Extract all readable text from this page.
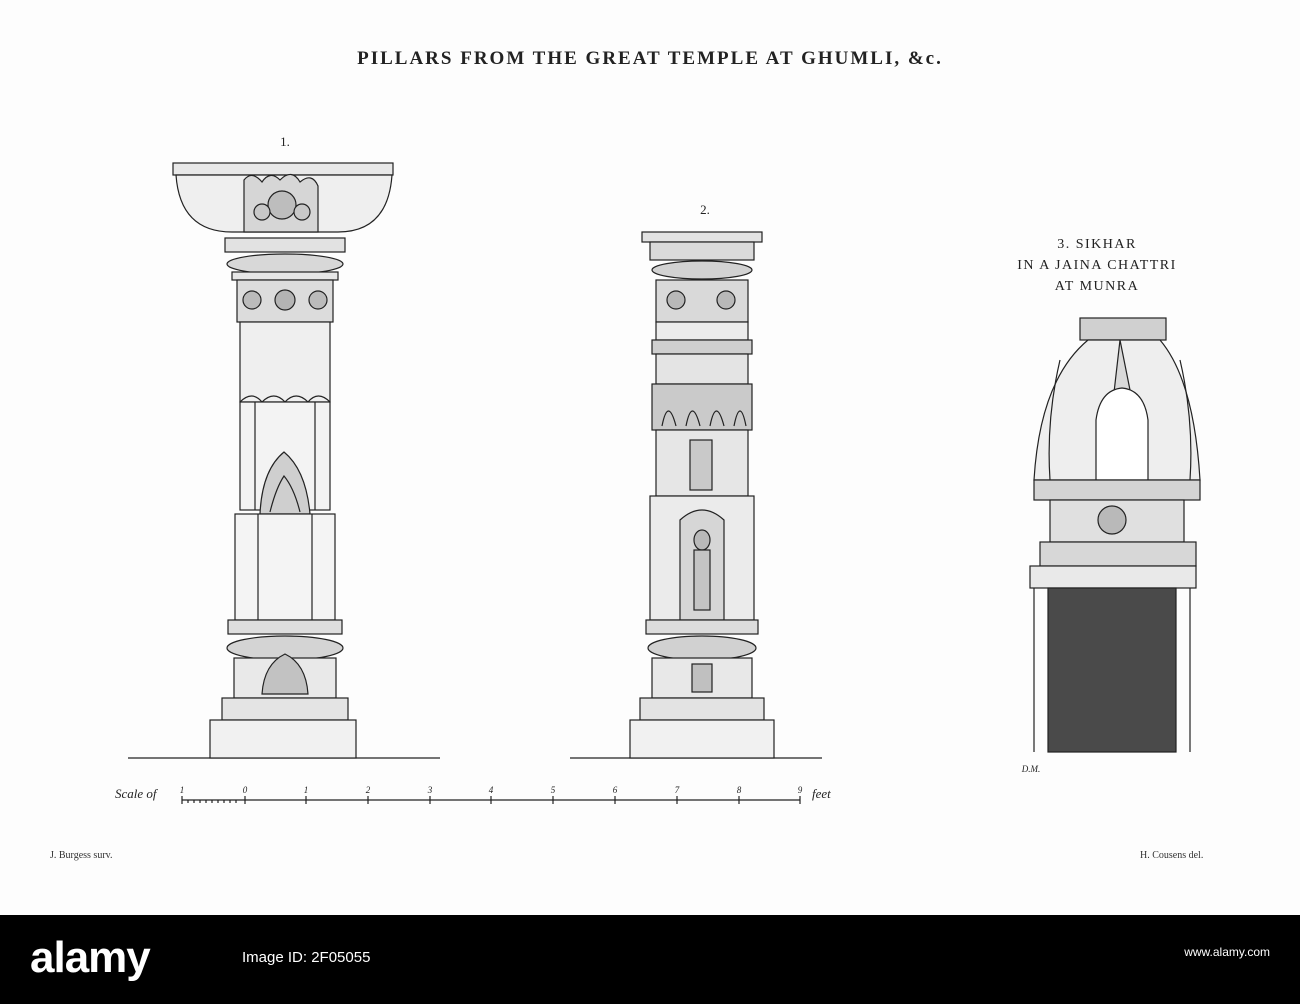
PILLARS FROM THE GREAT TEMPLE AT GHUMLI, &c.
1.
2.
3. SIKHAR
IN A JAINA CHATTRI
AT MUNRA
D.M.
Scale of	feet
J. Burgess surv.	H. Cousens del.
1	0	1	2	3	4	5	6	7	8	9
alamy	Image ID: 2F05055	www.alamy.com
